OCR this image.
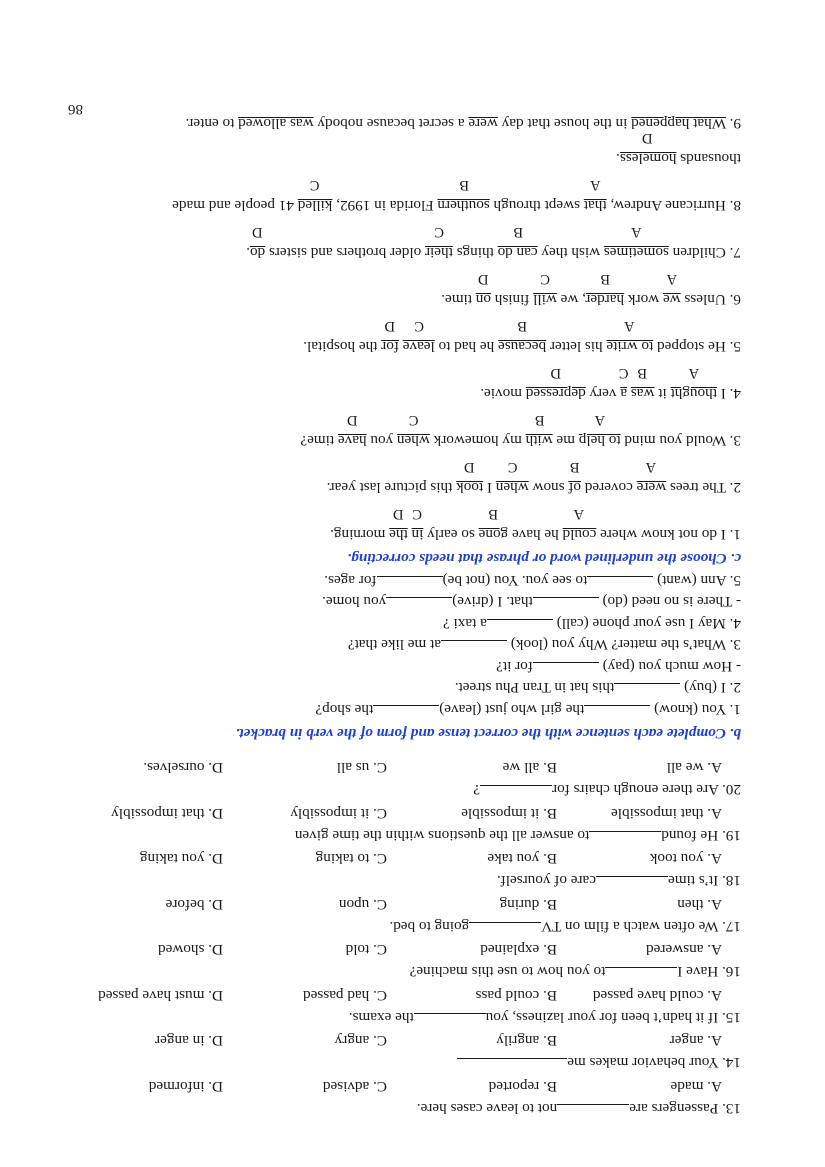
13. Passengers arenot to leave cases here.
A. made
B. reported
C. advised
D. informed
14. Your behavior makes me
A. anger
B. angrily
C. angry
D. in anger
15. If it hadn’t been for your laziness, youthe exams.
A. could have passed
B. could pass
C. had passed
D. must have passed
16. Have Ito you how to use this machine?
A. answered
B. explained
C. told
D. showed
17. We often watch a film on TVgoing to bed.
A. then
B. during
C. upon
D. before
18. It’s timecare of yourself.
A. you took
B. you take
C. to taking
D. you taking
19. He foundto answer all the questions within the time given
A. that impossible
B. it impossible
C. it impossibly
D. that impossibly
20. Are there enough chairs for?
A. we all
B. all we
C. us all
D. ourselves.
b. Complete each sentence with the correct tense and form of the verb in bracket.
1. You (know) the girl who just (leave)the shop?
2. I (buy) this hat in Tran Phu street.
- How much you (pay) for it?
3. What’s the matter? Why you (look) at me like that?
4. May I use your phone (call) a taxi ?
- There is no need (do) that. I (drive)you home.
5. Ann (want) to see you. You (not be)for ages.
c. Choose the underlined word or phrase that needs correcting.
1. I do not know where could he have gone so early in the morning.
A
B
C
D
2. The trees were covered of snow when I took this picture last year.
A
B
C
D
3. Would you mind to help me with my homework when you have time?
A
B
C
D
4. I thought it was a very depressed movie.
A
B
C
D
5. He stopped to write his letter because he had to leave for the hospital.
A
B
C
D
6. Unless we work harder, we will finish on time.
A
B
C
D
7. Children sometimes wish they can do things their older brothers and sisters do.
A
B
C
D
8. Hurricane Andrew, that swept through southern Florida in 1992, killed 41 people and made
A
B
C
thousands homeless.
D
9. What happened in the house that day were a secret because nobody was allowed to enter.
86
